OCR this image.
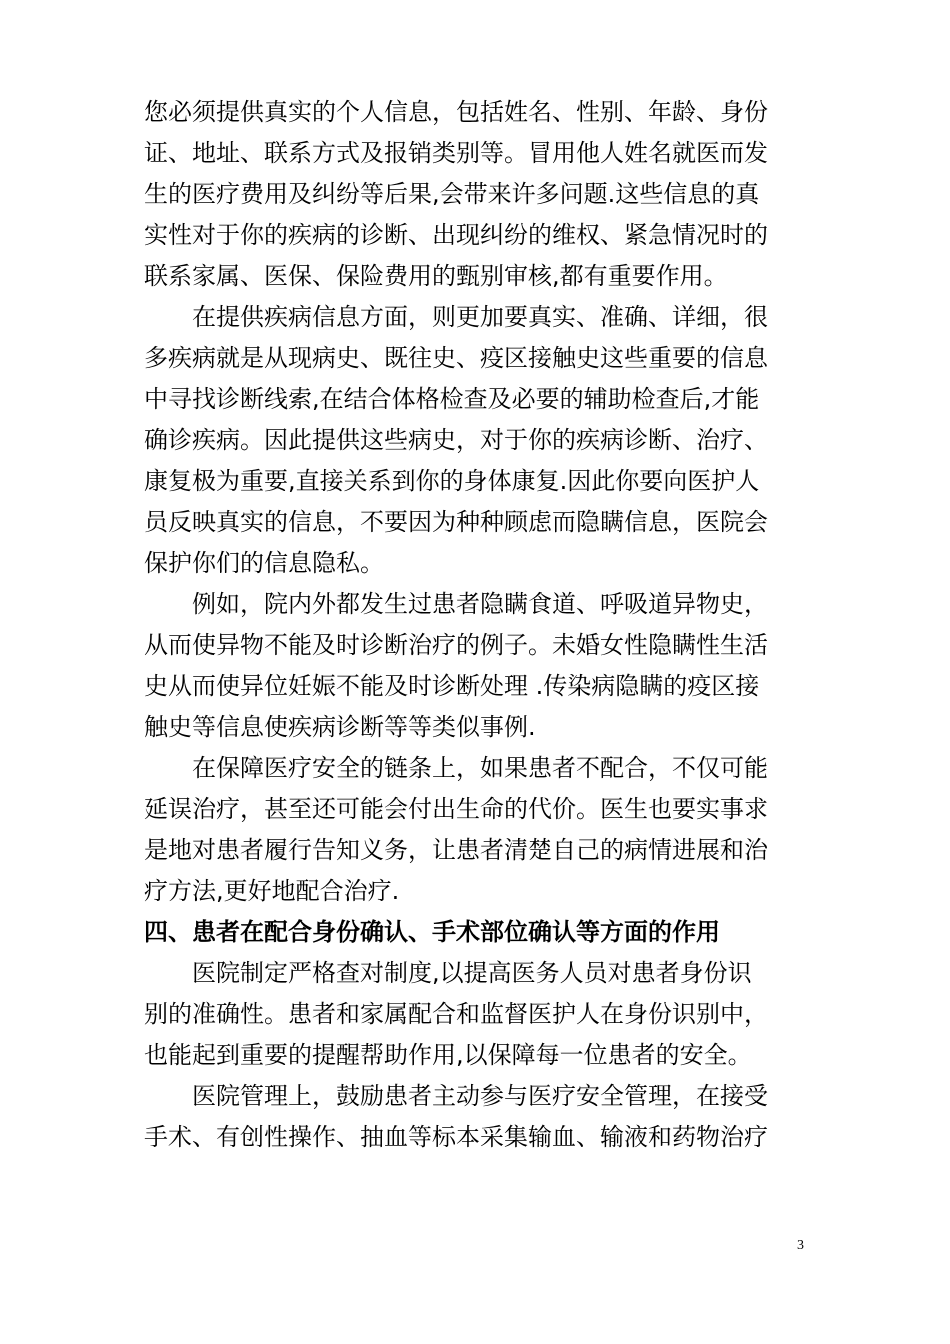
您必须提供真实的个人信息，包括姓名、性别、年龄、身份
证、地址、联系方式及报销类别等。冒用他人姓名就医而发
生的医疗费用及纠纷等后果,会带来许多问题.这些信息的真
实性对于你的疾病的诊断、出现纠纷的维权、紧急情况时的
联系家属、医保、保险费用的甄别审核,都有重要作用。
在提供疾病信息方面，则更加要真实、准确、详细，很
多疾病就是从现病史、既往史、疫区接触史这些重要的信息
中寻找诊断线索,在结合体格检查及必要的辅助检查后,才能
确诊疾病。因此提供这些病史，对于你的疾病诊断、治疗、
康复极为重要,直接关系到你的身体康复.因此你要向医护人
员反映真实的信息，不要因为种种顾虑而隐瞒信息，医院会
保护你们的信息隐私。
例如，院内外都发生过患者隐瞒食道、呼吸道异物史，
从而使异物不能及时诊断治疗的例子。未婚女性隐瞒性生活
史从而使异位妊娠不能及时诊断处理 .传染病隐瞒的疫区接
触史等信息使疾病诊断等等类似事例.
在保障医疗安全的链条上，如果患者不配合，不仅可能
延误治疗，甚至还可能会付出生命的代价。医生也要实事求
是地对患者履行告知义务，让患者清楚自己的病情进展和治
疗方法,更好地配合治疗.
四、患者在配合身份确认、手术部位确认等方面的作用
医院制定严格查对制度,以提高医务人员对患者身份识
别的准确性。患者和家属配合和监督医护人在身份识别中，
也能起到重要的提醒帮助作用,以保障每一位患者的安全。
医院管理上，鼓励患者主动参与医疗安全管理，在接受
手术、有创性操作、抽血等标本采集输血、输液和药物治疗
3
